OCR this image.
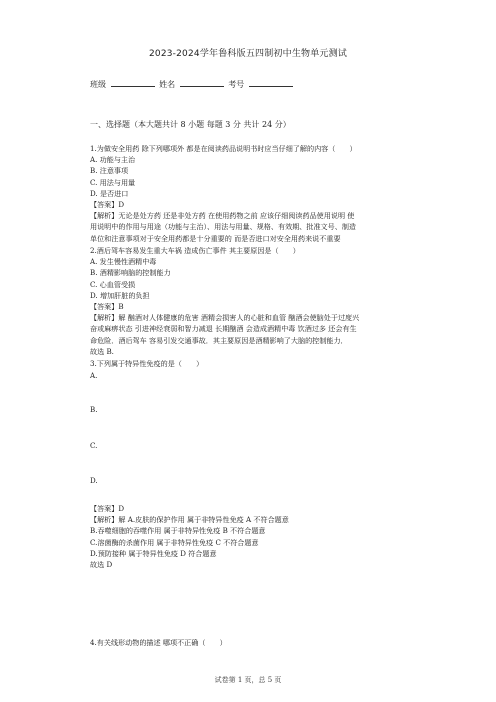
2023-2024学年鲁科版五四制初中生物单元测试
班级	姓名	考号
一、选择题（本大题共计 8 小题 每题 3 分 共计 24 分）
1.为做安全用药 除下列哪项外 都是在阅读药品说明书时应当仔细了解的内容（　　）
A. 功能与主治
B. 注意事项
C. 用法与用量
D. 是否进口
【答案】D
【解析】无论是处方药 还是非处方药 在使用药物之前 应该仔细阅读药品使用说明 使
用说明中的作用与用途（功能与主治）、用法与用量、规格、有效期、批准文号、制造
单位和注意事项对于安全用药都是十分重要的 而是否进口对安全用药来说不重要
2.酒后驾车容易发生重大车祸 造成伤亡事件 其主要原因是（　　）
A. 发生慢性酒精中毒
B. 酒精影响脑的控制能力
C. 心血管受损
D. 增加肝脏的负担
【答案】B
【解析】解 酗酒对人体健康的危害 酒精会损害人的心脏和血管 酗酒会使脑处于过度兴
奋或麻痹状态 引进神经衰弱和智力减退 长期酗酒 会造成酒精中毒 饮酒过多 还会有生
命危险．酒后驾车 容易引发交通事故．其主要原因是酒精影响了大脑的控制能力．
故选 B.
3.下列属于特异性免疫的是（　　）
A.
B.
C.
D.
【答案】D
【解析】解 A.皮肤的保护作用 属于非特异性免疫 A 不符合题意
B.吞噬细胞的吞噬作用 属于非特异性免疫 B 不符合题意
C.溶菌酶的杀菌作用 属于非特异性免疫 C 不符合题意
D.预防接种 属于特异性免疫 D 符合题意
故选 D
4.有关线形动物的描述 哪项不正确（　　）
试卷第 1 页，总 5 页
